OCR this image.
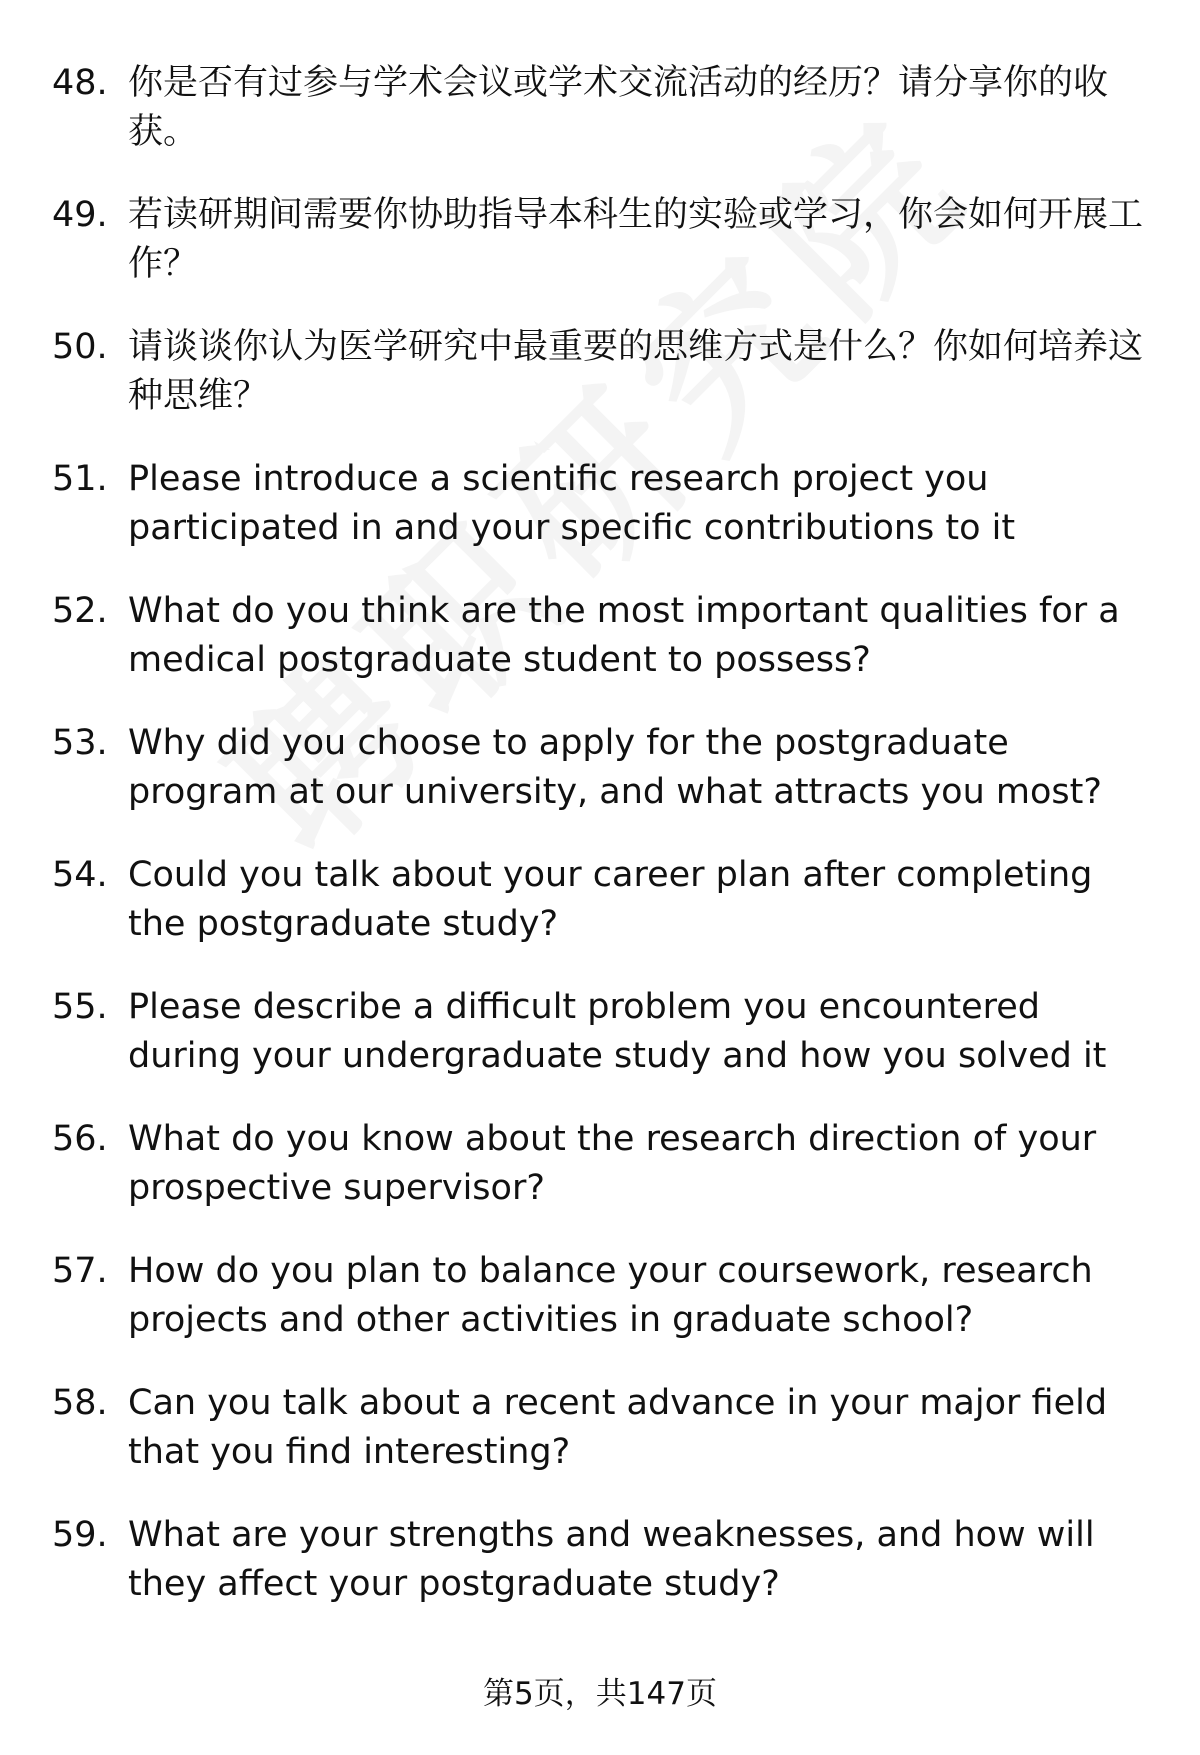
48. 你是否有过参与学术会议或学术交流活动的经历？请分享你的收获。
49. 若读研期间需要你协助指导本科生的实验或学习，你会如何开展工作？
50. 请谈谈你认为医学研究中最重要的思维方式是什么？你如何培养这种思维？
51. Please introduce a scientific research project you participated in and your specific contributions to it
52. What do you think are the most important qualities for a medical postgraduate student to possess?
53. Why did you choose to apply for the postgraduate program at our university, and what attracts you most?
54. Could you talk about your career plan after completing the postgraduate study?
55. Please describe a difficult problem you encountered during your undergraduate study and how you solved it
56. What do you know about the research direction of your prospective supervisor?
57. How do you plan to balance your coursework, research projects and other activities in graduate school?
58. Can you talk about a recent advance in your major field that you find interesting?
59. What are your strengths and weaknesses, and how will they affect your postgraduate study?
第5页，共147页
